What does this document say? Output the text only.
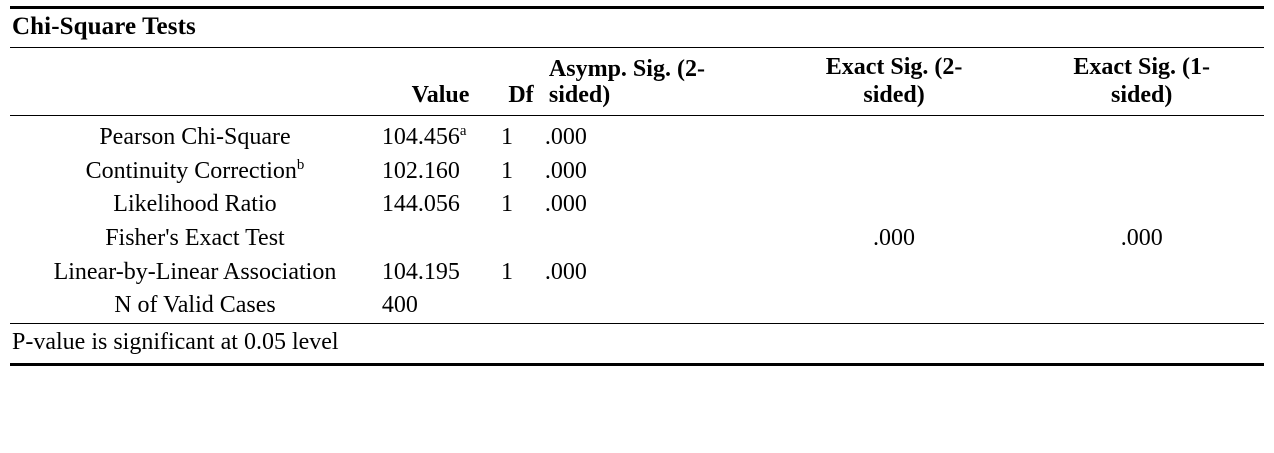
Chi-Square Tests					
	Value	Df	Asymp. Sig. (2-
sided)	Exact Sig. (2-
sided)	Exact Sig. (1-
sided)

Pearson Chi-Square	104.456$^a$	1	.000		
Continuity Correction$^b$	102.160	1	.000		
Likelihood Ratio	144.056	1	.000		
Fisher's Exact Test				.000	.000
Linear-by-Linear Association	104.195	1	.000		
N of Valid Cases	400				
P-value is significant at 0.05 level					
